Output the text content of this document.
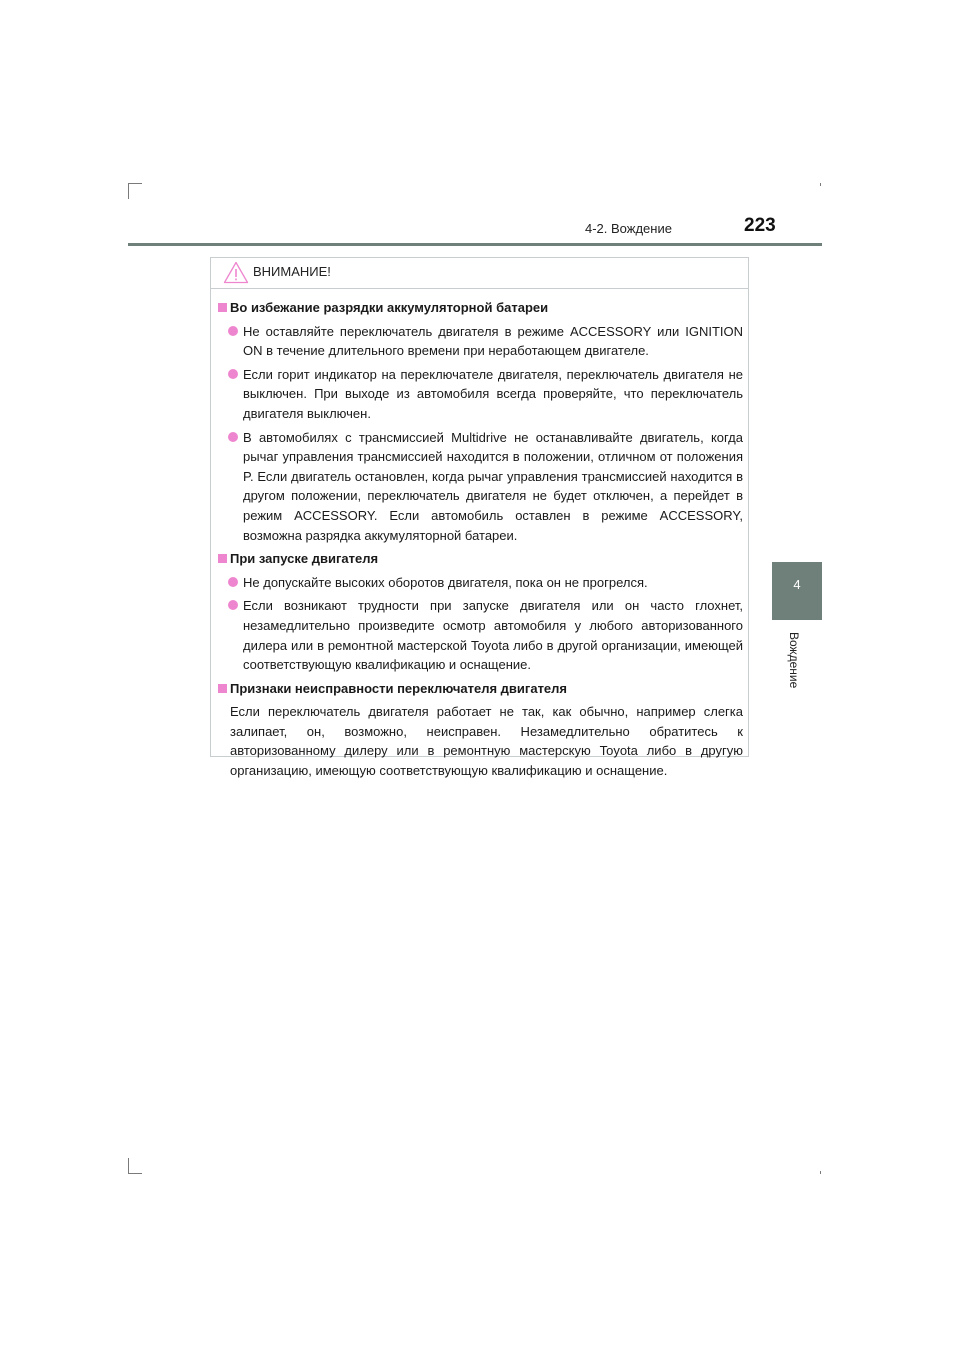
4-2. Вождение	223
4
Вождение
ВНИМАНИЕ!
Во избежание разрядки аккумуляторной батареи
Не оставляйте переключатель двигателя в режиме ACCESSORY или IGNITION ON в течение длительного времени при неработающем двигателе.
Если горит индикатор на переключателе двигателя, переключатель двигателя не выключен. При выходе из автомобиля всегда проверяйте, что переключатель двигателя выключен.
В автомобилях с трансмиссией Multidrive не останавливайте двигатель, когда рычаг управления трансмиссией находится в положении, отличном от положения P. Если двигатель остановлен, когда рычаг управления трансмиссией находится в другом положении, переключатель двигателя не будет отключен, а перейдет в режим ACCESSORY. Если автомобиль оставлен в режиме ACCESSORY, возможна разрядка аккумуляторной батареи.
При запуске двигателя
Не допускайте высоких оборотов двигателя, пока он не прогрелся.
Если возникают трудности при запуске двигателя или он часто глохнет, незамедлительно произведите осмотр автомобиля у любого авторизованного дилера или в ремонтной мастерской Toyota либо в другой организации, имеющей соответствующую квалификацию и оснащение.
Признаки неисправности переключателя двигателя
Если переключатель двигателя работает не так, как обычно, например слегка залипает, он, возможно, неисправен. Незамедлительно обратитесь к авторизованному дилеру или в ремонтную мастерскую Toyota либо в другую организацию, имеющую соответствующую квалификацию и оснащение.
